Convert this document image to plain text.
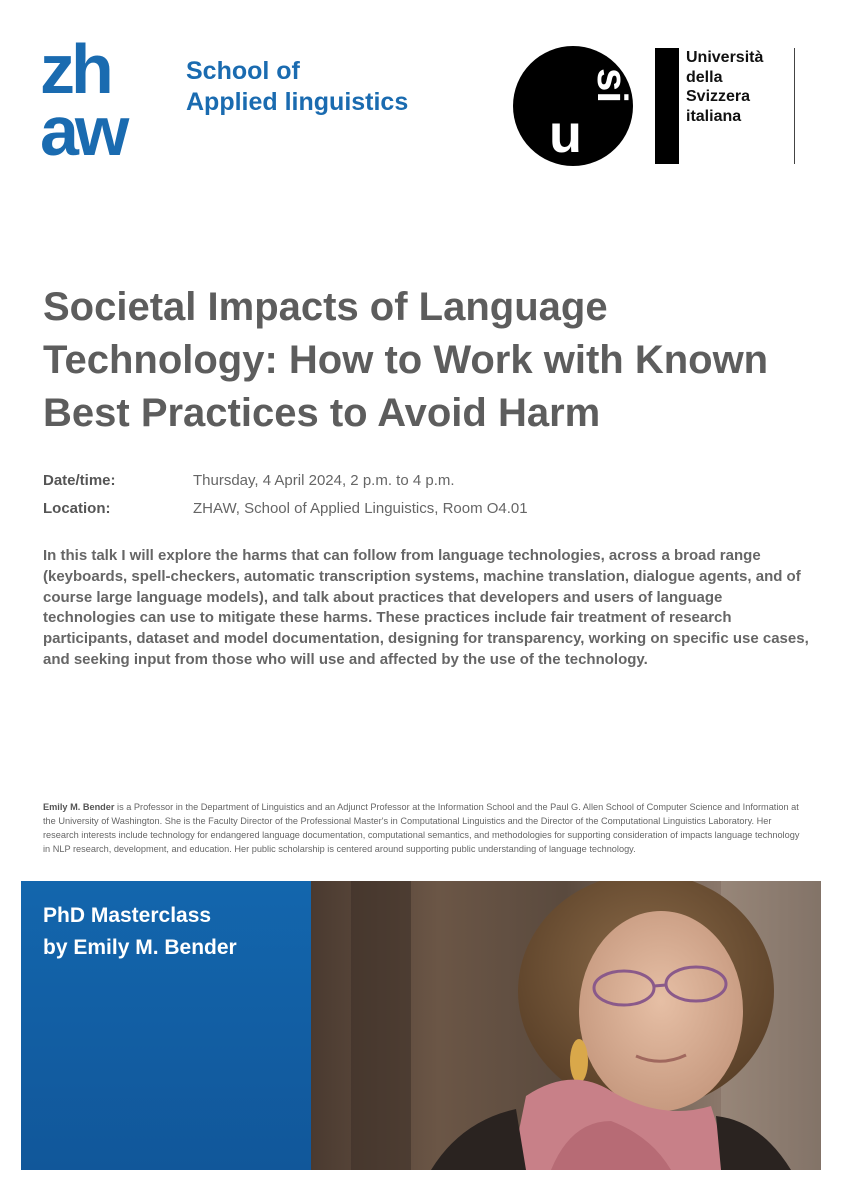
zh
aw
School of
Applied linguistics
u
si
Università
della
Svizzera
italiana
Societal Impacts of Language Technology: How to Work with Known Best Practices to Avoid Harm
Date/time:	Thursday, 4 April 2024, 2 p.m. to 4 p.m.
Location:	ZHAW, School of Applied Linguistics, Room O4.01

In this talk I will explore the harms that can follow from language technologies, across a broad range (keyboards, spell-checkers, automatic transcription systems, machine translation, dialogue agents, and of course large language models), and talk about practices that developers and users of language technologies can use to mitigate these harms. These practices include fair treatment of research participants, dataset and model documentation, designing for transparency, working on specific use cases, and seeking input from those who will use and affected by the use of the technology.

Emily M. Bender is a Professor in the Department of Linguistics and an Adjunct Professor at the Information School and the Paul G. Allen School of Computer Science and Information at the University of Washington. She is the Faculty Director of the Professional Master's in Computational Linguistics and the Director of the Computational Linguistics Laboratory. Her research interests include technology for endangered language documentation, computational semantics, and methodologies for supporting consideration of impacts language technology in NLP research, development, and education. Her public scholarship is centered around supporting public understanding of language technology.

PhD Masterclass
by Emily M. Bender
